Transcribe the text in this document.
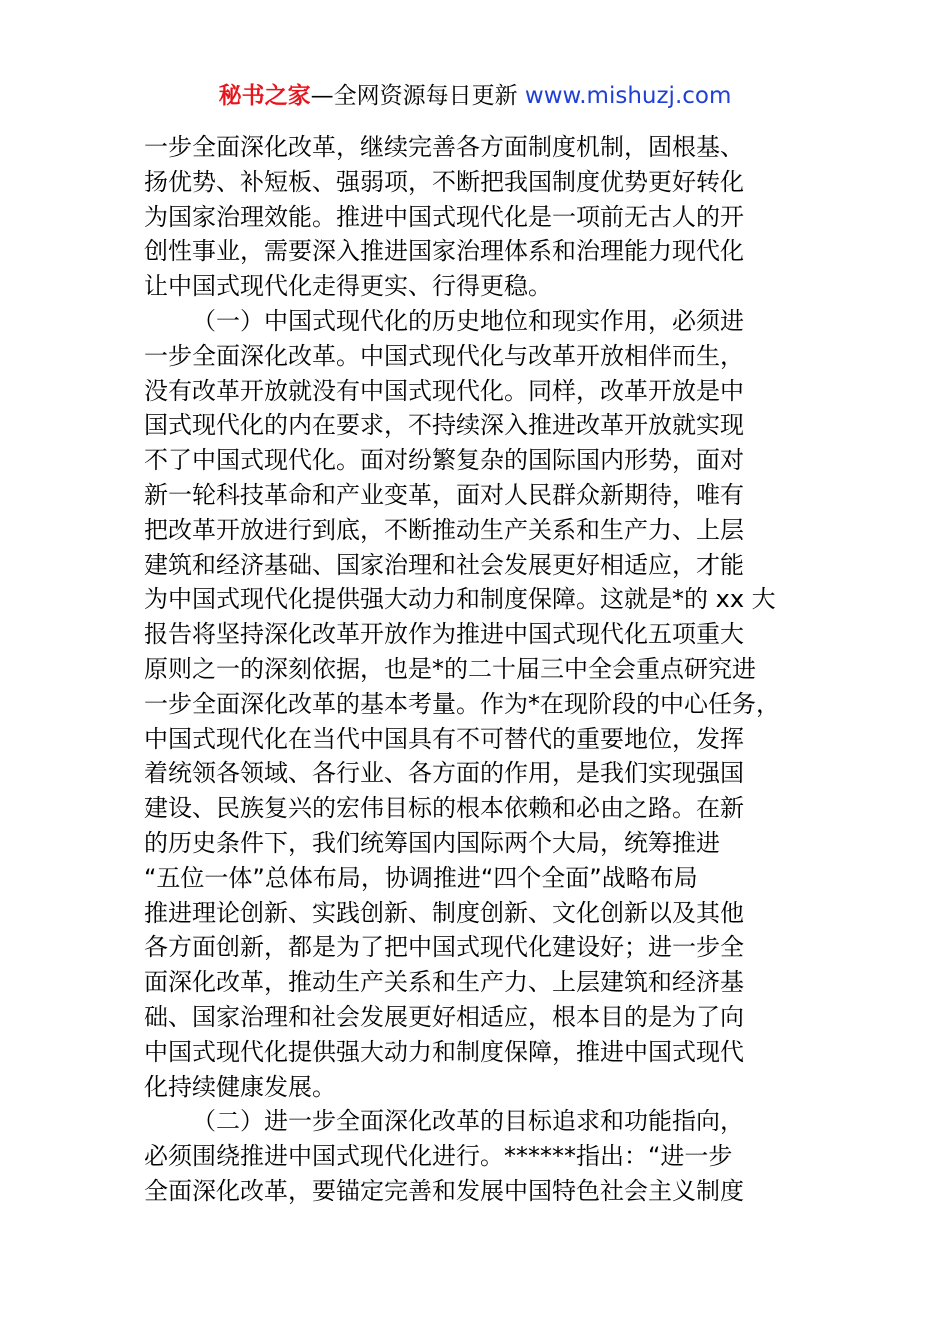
秘书之家—全网资源每日更新 www.mishuzj.com
一步全面深化改革，继续完善各方面制度机制，固根基、
扬优势、补短板、强弱项，不断把我国制度优势更好转化
为国家治理效能。推进中国式现代化是一项前无古人的开
创性事业，需要深入推进国家治理体系和治理能力现代化
让中国式现代化走得更实、行得更稳。
（一）中国式现代化的历史地位和现实作用，必须进
一步全面深化改革。中国式现代化与改革开放相伴而生，
没有改革开放就没有中国式现代化。同样，改革开放是中
国式现代化的内在要求，不持续深入推进改革开放就实现
不了中国式现代化。面对纷繁复杂的国际国内形势，面对
新一轮科技革命和产业变革，面对人民群众新期待，唯有
把改革开放进行到底，不断推动生产关系和生产力、上层
建筑和经济基础、国家治理和社会发展更好相适应，才能
为中国式现代化提供强大动力和制度保障。这就是*的 xx 大
报告将坚持深化改革开放作为推进中国式现代化五项重大
原则之一的深刻依据，也是*的二十届三中全会重点研究进
一步全面深化改革的基本考量。作为*在现阶段的中心任务，
中国式现代化在当代中国具有不可替代的重要地位，发挥
着统领各领域、各行业、各方面的作用，是我们实现强国
建设、民族复兴的宏伟目标的根本依赖和必由之路。在新
的历史条件下，我们统筹国内国际两个大局，统筹推进
“五位一体”总体布局，协调推进“四个全面”战略布局
推进理论创新、实践创新、制度创新、文化创新以及其他
各方面创新，都是为了把中国式现代化建设好；进一步全
面深化改革，推动生产关系和生产力、上层建筑和经济基
础、国家治理和社会发展更好相适应，根本目的是为了向
中国式现代化提供强大动力和制度保障，推进中国式现代
化持续健康发展。
（二）进一步全面深化改革的目标追求和功能指向，
必须围绕推进中国式现代化进行。******指出：“进一步
全面深化改革，要锚定完善和发展中国特色社会主义制度
